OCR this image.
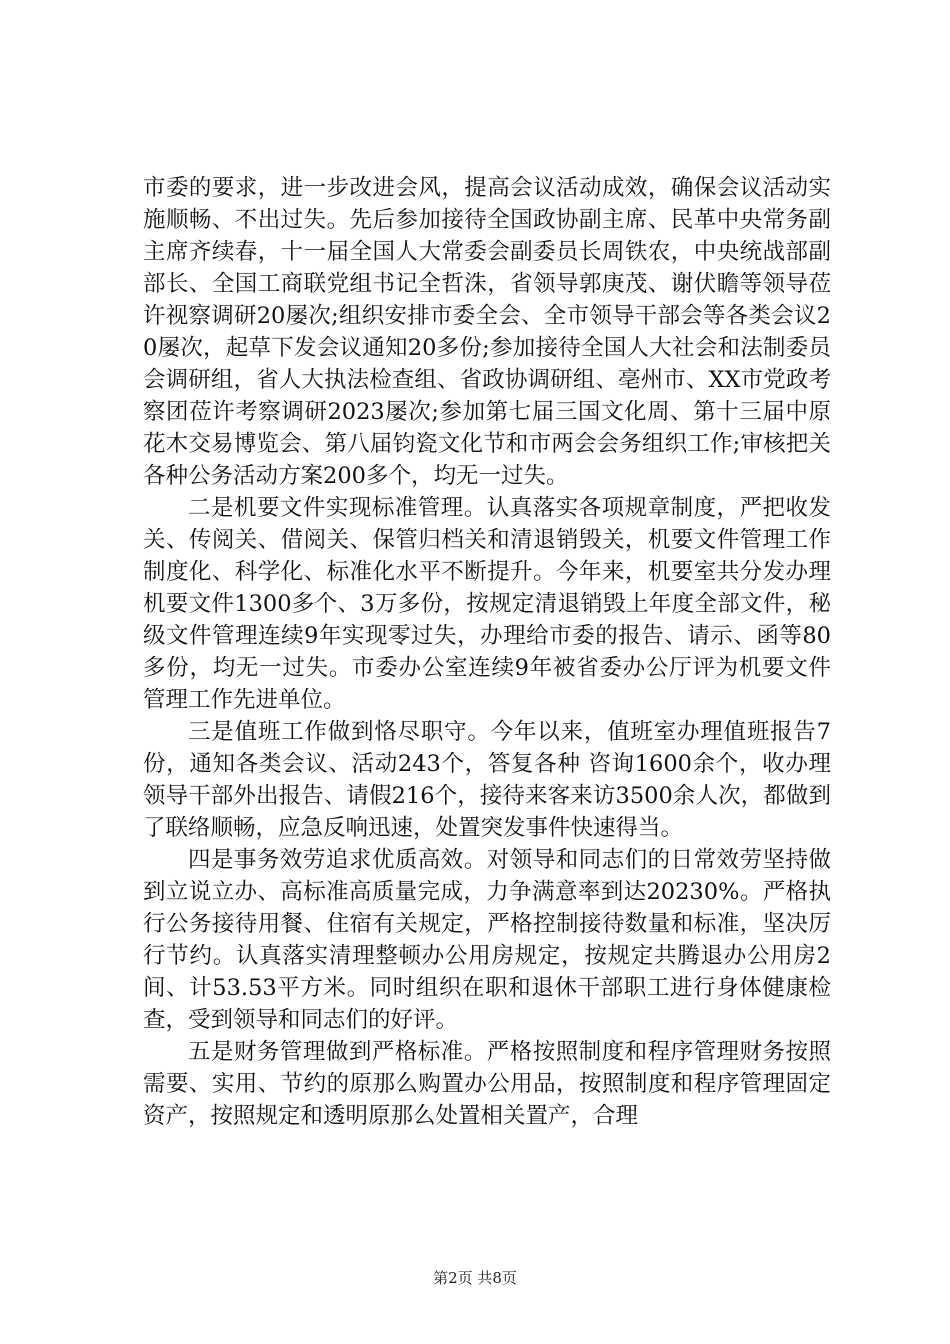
市委的要求，进一步改进会风，提高会议活动成效，确保会议活动实施顺畅、不出过失。先后参加接待全国政协副主席、民革中央常务副主席齐续春，十一届全国人大常委会副委员长周铁农，中央统战部副部长、全国工商联党组书记全哲洙，省领导郭庚茂、谢伏瞻等领导莅许视察调研20屡次;组织安排市委全会、全市领导干部会等各类会议20屡次，起草下发会议通知20多份;参加接待全国人大社会和法制委员会调研组，省人大执法检查组、省政协调研组、亳州市、XX市党政考察团莅许考察调研2023屡次;参加第七届三国文化周、第十三届中原花木交易博览会、第八届钧瓷文化节和市两会会务组织工作;审核把关各种公务活动方案200多个，均无一过失。

二是机要文件实现标准管理。认真落实各项规章制度，严把收发关、传阅关、借阅关、保管归档关和清退销毁关，机要文件管理工作制度化、科学化、标准化水平不断提升。今年来，机要室共分发办理机要文件1300多个、3万多份，按规定清退销毁上年度全部文件，秘级文件管理连续9年实现零过失，办理给市委的报告、请示、函等80多份，均无一过失。市委办公室连续9年被省委办公厅评为机要文件管理工作先进单位。

三是值班工作做到恪尽职守。今年以来，值班室办理值班报告7份，通知各类会议、活动243个，答复各种 咨询1600余个，收办理领导干部外出报告、请假216个，接待来客来访3500余人次，都做到了联络顺畅，应急反响迅速，处置突发事件快速得当。

四是事务效劳追求优质高效。对领导和同志们的日常效劳坚持做到立说立办、高标准高质量完成，力争满意率到达20230%。严格执行公务接待用餐、住宿有关规定，严格控制接待数量和标准，坚决厉行节约。认真落实清理整顿办公用房规定，按规定共腾退办公用房2间、计53.53平方米。同时组织在职和退休干部职工进行身体健康检查，受到领导和同志们的好评。

五是财务管理做到严格标准。严格按照制度和程序管理财务按照需要、实用、节约的原那么购置办公用品，按照制度和程序管理固定资产，按照规定和透明原那么处置相关置产，合理

第2页 共8页
